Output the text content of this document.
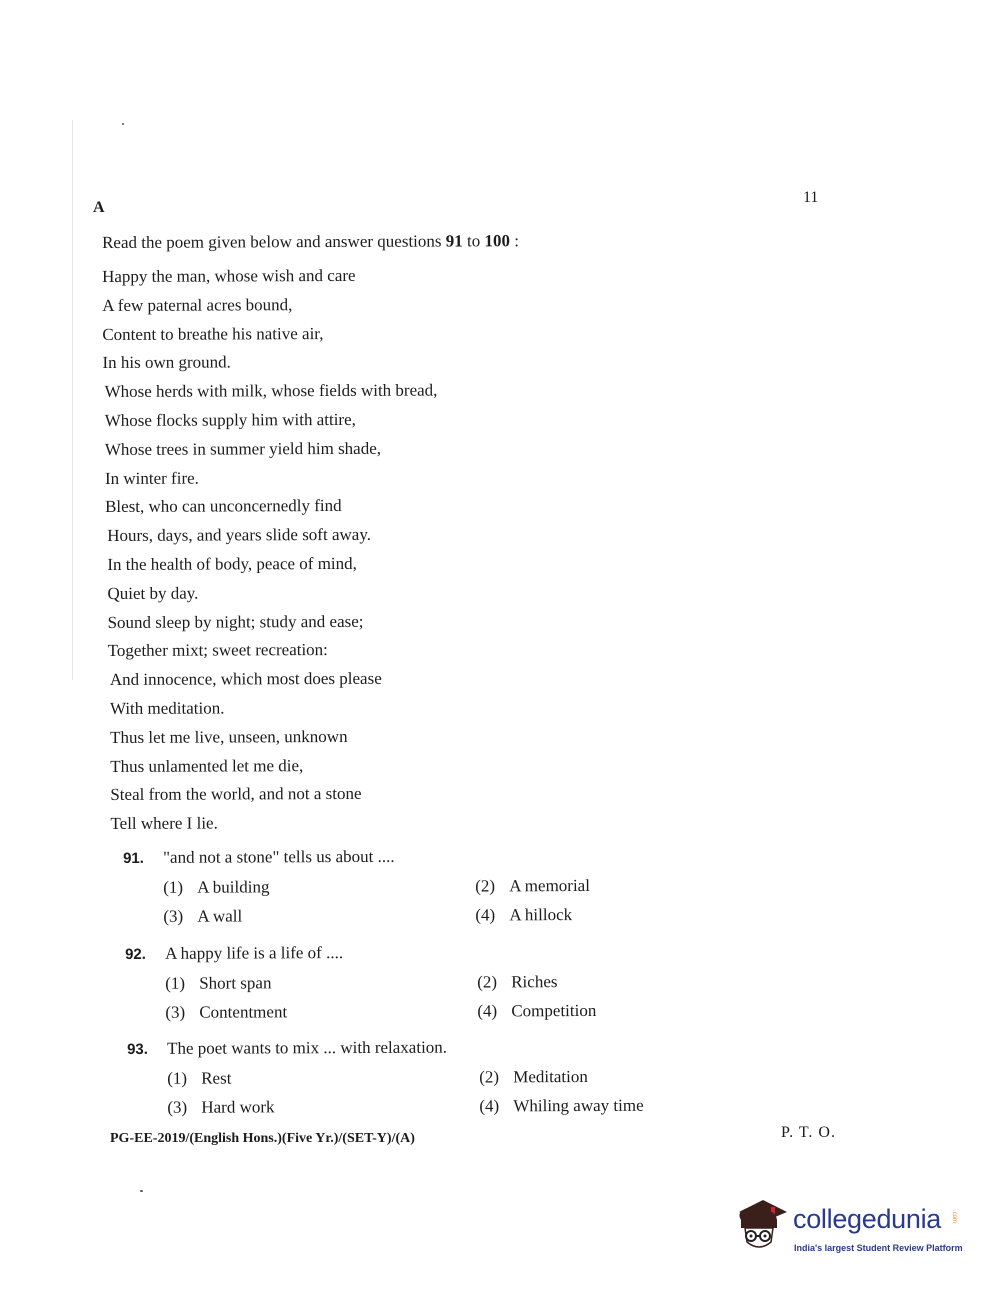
A
11
Read the poem given below and answer questions 91 to 100 :
Happy the man, whose wish and care
A few paternal acres bound,
Content to breathe his native air,
In his own ground.
Whose herds with milk, whose fields with bread,
Whose flocks supply him with attire,
Whose trees in summer yield him shade,
In winter fire.
Blest, who can unconcernedly find
Hours, days, and years slide soft away.
In the health of body, peace of mind,
Quiet by day.
Sound sleep by night; study and ease;
Together mixt; sweet recreation:
And innocence, which most does please
With meditation.
Thus let me live, unseen, unknown
Thus unlamented let me die,
Steal from the world, and not a stone
Tell where I lie.
91. "and not a stone" tells us about ....
(1) A building	(2) A memorial
(3) A wall	(4) A hillock
92. A happy life is a life of ....
(1) Short span	(2) Riches
(3) Contentment	(4) Competition
93. The poet wants to mix ... with relaxation.
(1) Rest	(2) Meditation
(3) Hard work	(4) Whiling away time
PG-EE-2019/(English Hons.)(Five Yr.)/(SET-Y)/(A)	P. T. O.
collegedunia .com
India's largest Student Review Platform
